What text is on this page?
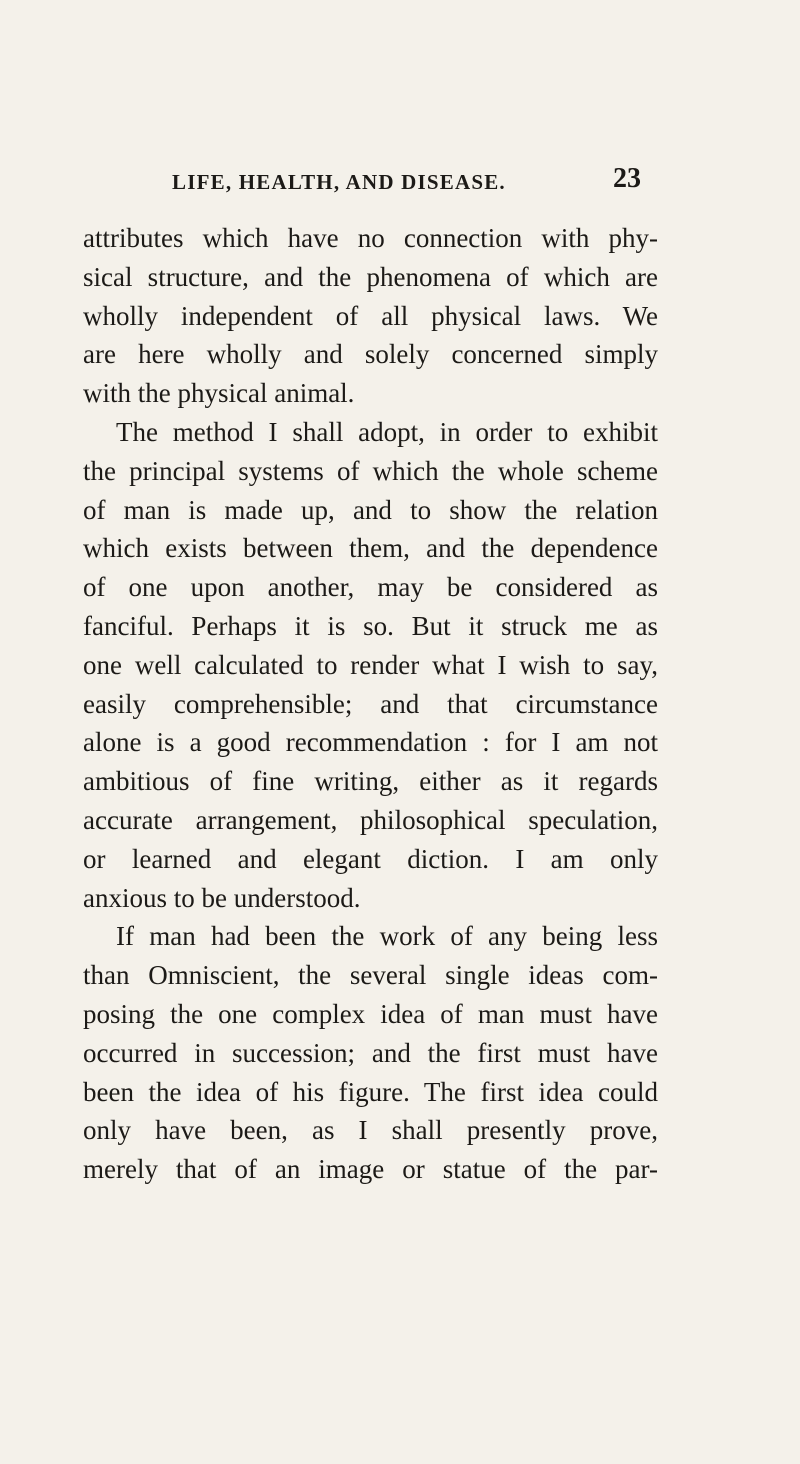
LIFE, HEALTH, AND DISEASE.	23
attributes which have no connection with phy-
sical structure, and the phenomena of which are
wholly independent of all physical laws. We
are here wholly and solely concerned simply
with the physical animal.
The method I shall adopt, in order to exhibit
the principal systems of which the whole scheme
of man is made up, and to show the relation
which exists between them, and the dependence
of one upon another, may be considered as
fanciful. Perhaps it is so. But it struck me as
one well calculated to render what I wish to say,
easily comprehensible; and that circumstance
alone is a good recommendation : for I am not
ambitious of fine writing, either as it regards
accurate arrangement, philosophical speculation,
or learned and elegant diction. I am only
anxious to be understood.
If man had been the work of any being less
than Omniscient, the several single ideas com-
posing the one complex idea of man must have
occurred in succession; and the first must have
been the idea of his figure. The first idea could
only have been, as I shall presently prove,
merely that of an image or statue of the par-
